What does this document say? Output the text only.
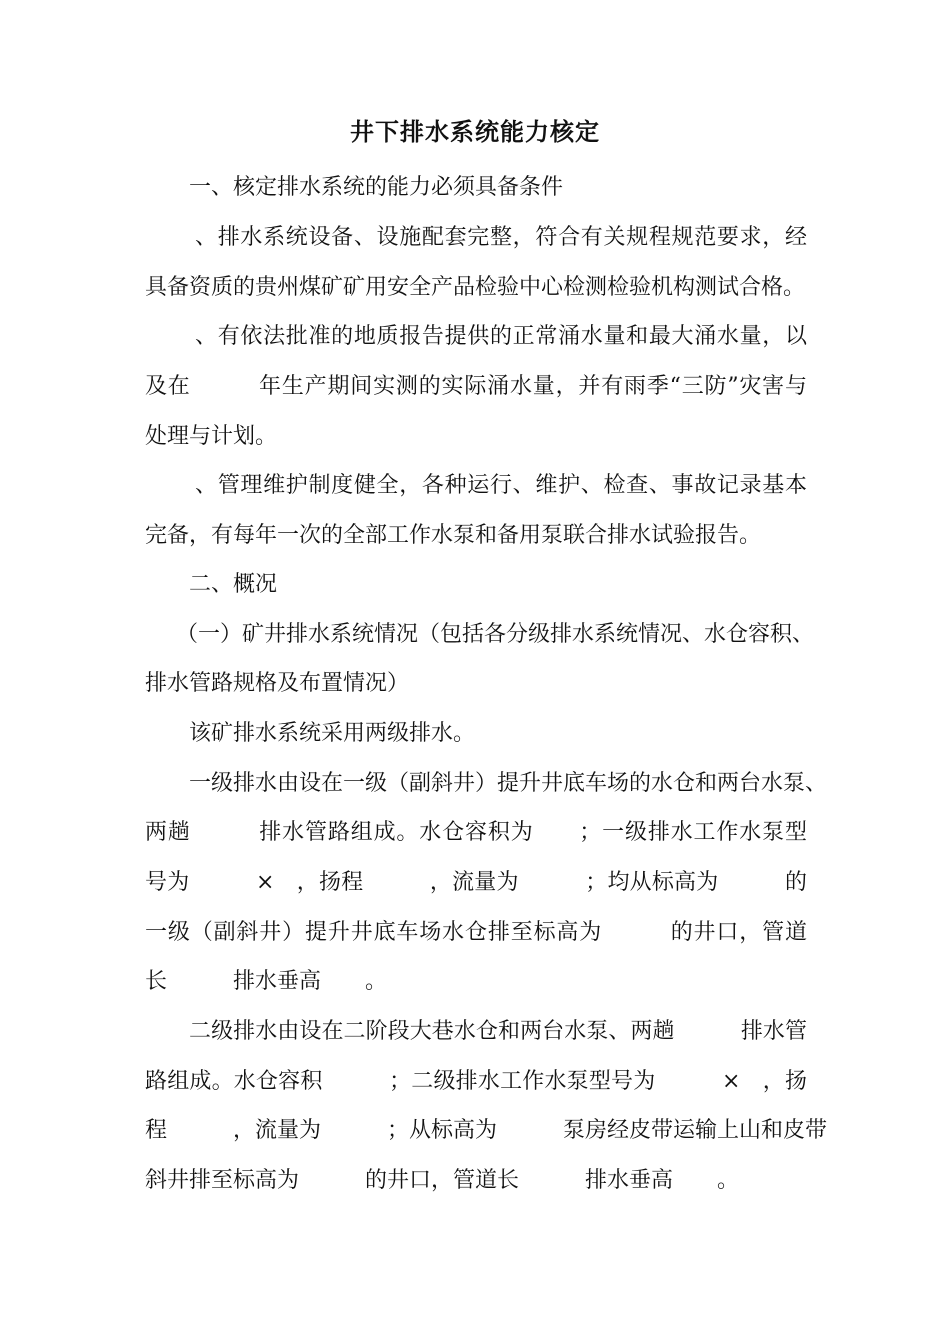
井下排水系统能力核定
一、核定排水系统的能力必须具备条件
、排水系统设备、设施配套完整，符合有关规程规范要求，经
具备资质的贵州煤矿矿用安全产品检验中心检测检验机构测试合格。
、有依法批准的地质报告提供的正常涌水量和最大涌水量，以
及在　　　年生产期间实测的实际涌水量，并有雨季“三防”灾害与
处理与计划。
、管理维护制度健全，各种运行、维护、检查、事故记录基本
完备，有每年一次的全部工作水泵和备用泵联合排水试验报告。
二、概况
（一）矿井排水系统情况（包括各分级排水系统情况、水仓容积、
排水管路规格及布置情况）
该矿排水系统采用两级排水。
一级排水由设在一级（副斜井）提升井底车场的水仓和两台水泵、
两趟　　　排水管路组成。水仓容积为　　；一级排水工作水泵型
号为　　　×　，扬程　　　，流量为　　　；均从标高为　　　的
一级（副斜井）提升井底车场水仓排至标高为　　　的井口，管道
长　　　排水垂高　　。
二级排水由设在二阶段大巷水仓和两台水泵、两趟　　　排水管
路组成。水仓容积　　　；二级排水工作水泵型号为　　　×　，扬
程　　　，流量为　　　；从标高为　　　泵房经皮带运输上山和皮带
斜井排至标高为　　　的井口，管道长　　　排水垂高　　。
